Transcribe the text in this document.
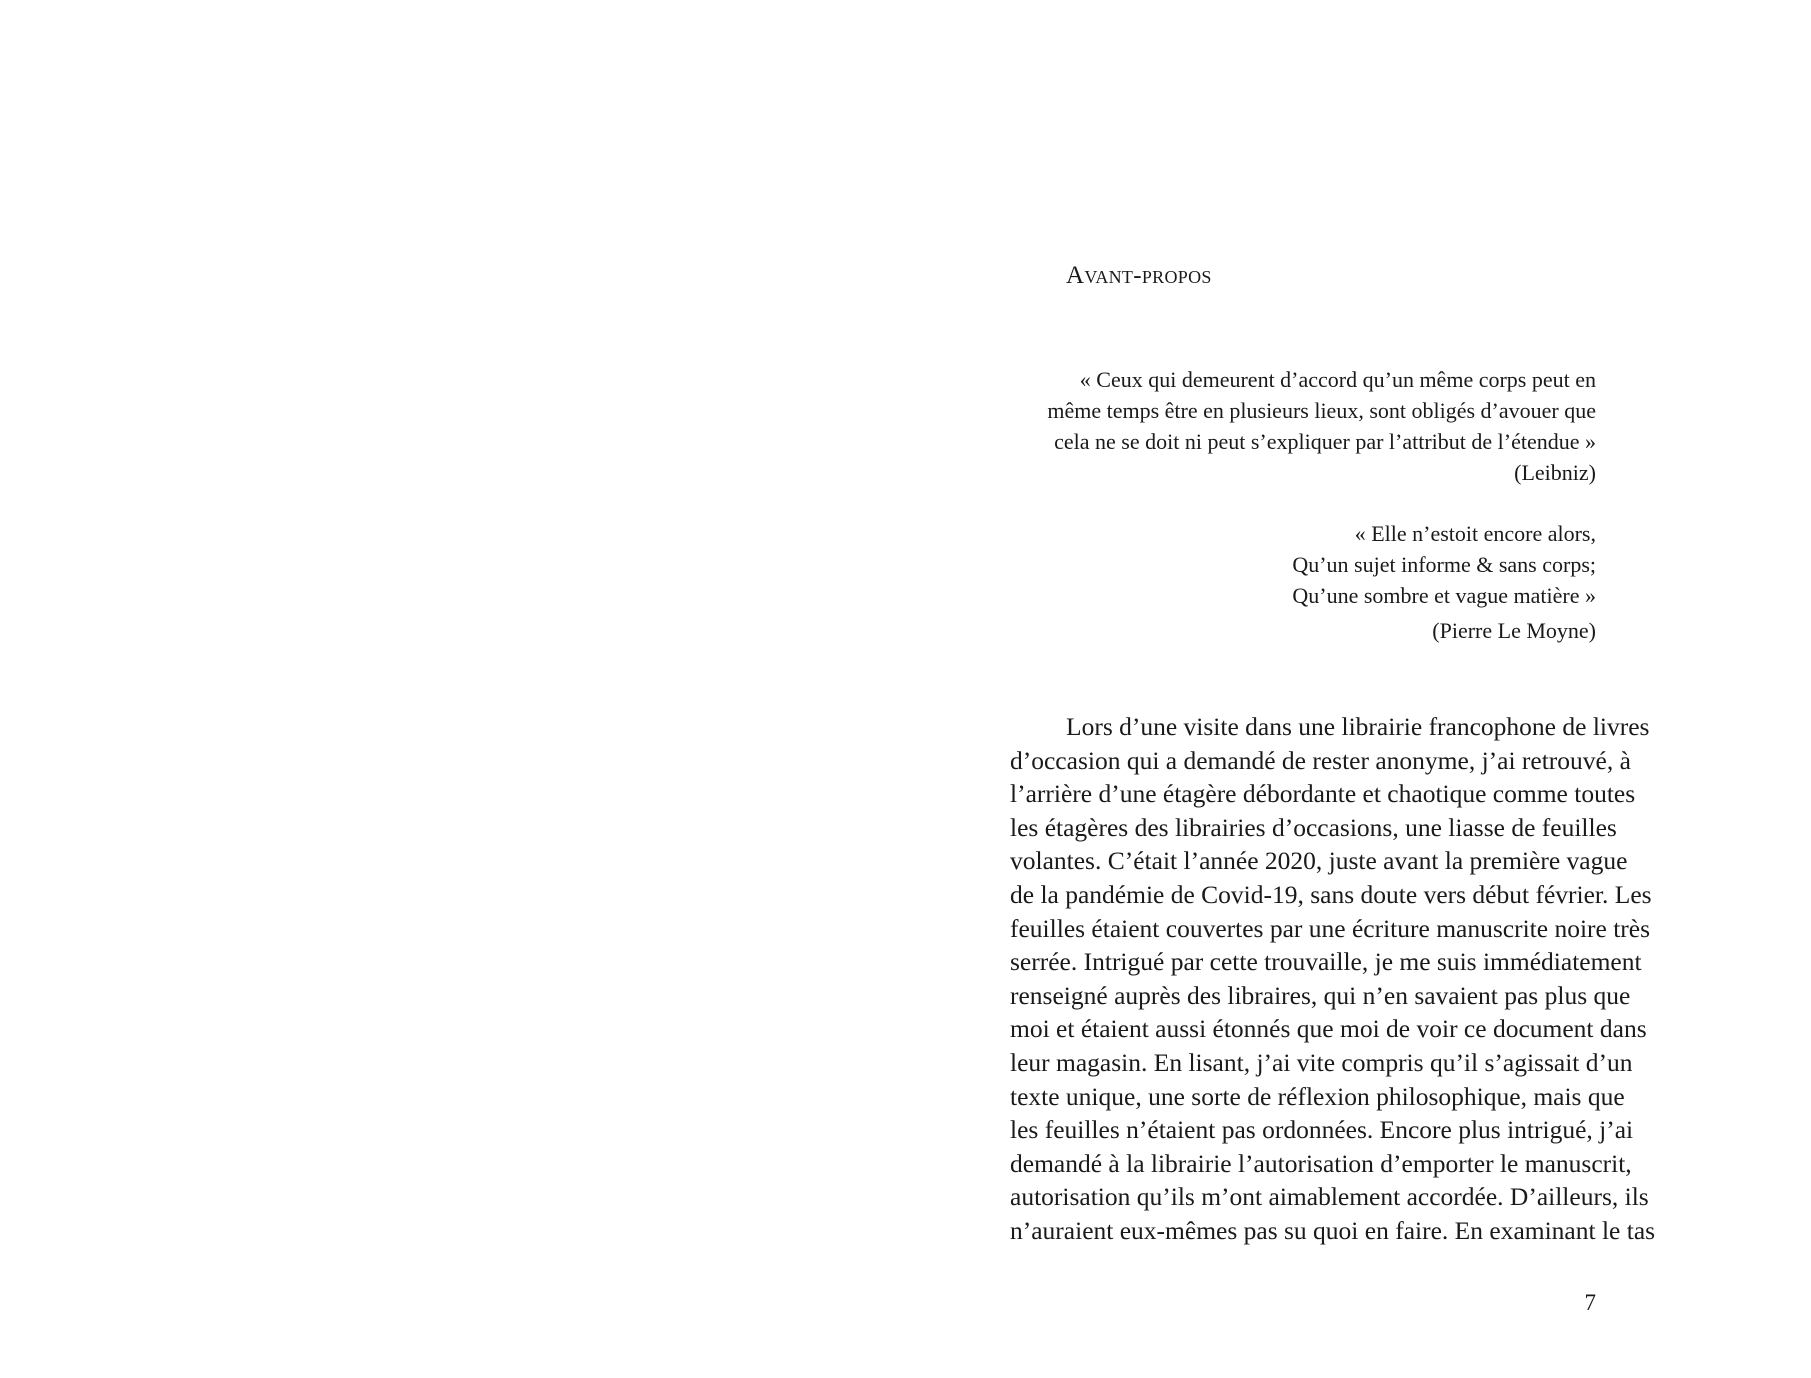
Avant-propos
« Ceux qui demeurent d’accord qu’un même corps peut en
même temps être en plusieurs lieux, sont obligés d’avouer que
cela ne se doit ni peut s’expliquer par l’attribut de l’étendue »
(Leibniz)
« Elle n’estoit encore alors,
Qu’un sujet informe & sans corps;
Qu’une sombre et vague matière »
(Pierre Le Moyne)
Lors d’une visite dans une librairie francophone de livres
d’occasion qui a demandé de rester anonyme, j’ai retrouvé, à
l’arrière d’une étagère débordante et chaotique comme toutes
les étagères des librairies d’occasions, une liasse de feuilles
volantes. C’était l’année 2020, juste avant la première vague
de la pandémie de Covid-19, sans doute vers début février. Les
feuilles étaient couvertes par une écriture manuscrite noire très
serrée. Intrigué par cette trouvaille, je me suis immédiatement
renseigné auprès des libraires, qui n’en savaient pas plus que
moi et étaient aussi étonnés que moi de voir ce document dans
leur magasin. En lisant, j’ai vite compris qu’il s’agissait d’un
texte unique, une sorte de réflexion philosophique, mais que
les feuilles n’étaient pas ordonnées. Encore plus intrigué, j’ai
demandé à la librairie l’autorisation d’emporter le manuscrit,
autorisation qu’ils m’ont aimablement accordée. D’ailleurs, ils
n’auraient eux-mêmes pas su quoi en faire. En examinant le tas

7
